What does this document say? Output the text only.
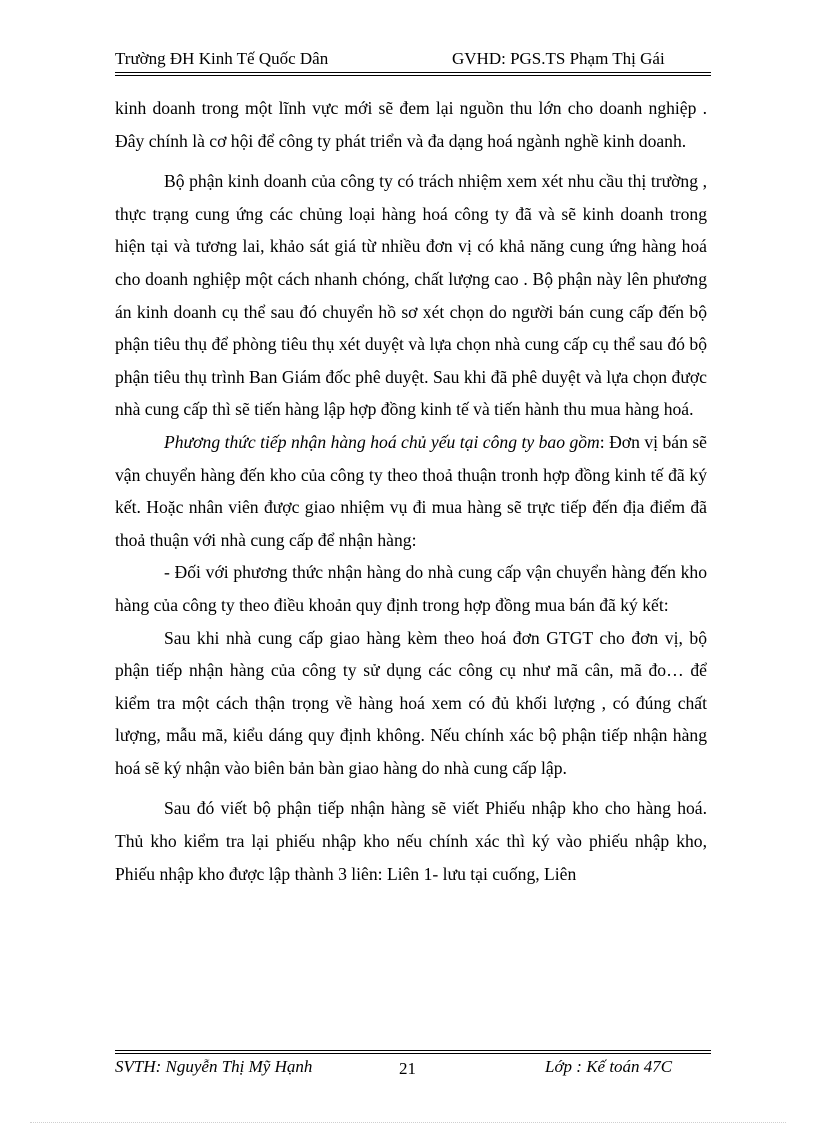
Trường ĐH Kinh Tế Quốc Dân	GVHD: PGS.TS Phạm Thị Gái

kinh doanh trong một lĩnh vực mới sẽ đem lại nguồn thu lớn cho doanh nghiệp . Đây chính là cơ hội để công ty phát triển và đa dạng hoá ngành nghề kinh doanh.

Bộ phận kinh doanh của công ty có trách nhiệm xem xét nhu cầu thị trường , thực trạng cung ứng các chủng loại hàng hoá công ty đã và sẽ kinh doanh trong hiện tại và tương lai, khảo sát giá từ nhiều đơn vị có khả năng cung ứng hàng hoá cho doanh nghiệp một cách nhanh chóng, chất lượng cao . Bộ phận này lên phương án kinh doanh cụ thể sau đó chuyển hồ sơ xét chọn do người bán cung cấp đến bộ phận tiêu thụ để phòng tiêu thụ xét duyệt và lựa chọn nhà cung cấp cụ thể sau đó bộ phận tiêu thụ trình Ban Giám đốc phê duyệt. Sau khi đã phê duyệt và lựa chọn được nhà cung cấp thì sẽ tiến hàng lập hợp đồng kinh tế và tiến hành thu mua hàng hoá.

Phương thức tiếp nhận hàng hoá chủ yếu tại công ty bao gồm: Đơn vị bán sẽ vận chuyển hàng đến kho của công ty theo thoả thuận tronh hợp đồng kinh tế đã ký kết. Hoặc nhân viên được giao nhiệm vụ đi mua hàng sẽ trực tiếp đến địa điểm đã thoả thuận với nhà cung cấp để nhận hàng:

- Đối với phương thức nhận hàng do nhà cung cấp vận chuyển hàng đến kho hàng của công ty theo điều khoản quy định trong hợp đồng mua bán đã ký kết:

Sau khi nhà cung cấp giao hàng kèm theo hoá đơn GTGT cho đơn vị, bộ phận tiếp nhận hàng của công ty sử dụng các công cụ như mã cân, mã đo… để kiểm tra một cách thận trọng về hàng hoá xem có đủ khối lượng , có đúng chất lượng, mẫu mã, kiểu dáng quy định không. Nếu chính xác bộ phận tiếp nhận hàng hoá sẽ ký nhận vào biên bản bàn giao hàng do nhà cung cấp lập.

Sau đó viết bộ phận tiếp nhận hàng sẽ viết Phiếu nhập kho cho hàng hoá. Thủ kho kiểm tra lại phiếu nhập kho nếu chính xác thì ký vào phiếu nhập kho, Phiếu nhập kho được lập thành 3 liên: Liên 1- lưu tại cuống, Liên

SVTH: Nguyễn Thị Mỹ Hạnh	21	Lớp : Kế toán 47C
